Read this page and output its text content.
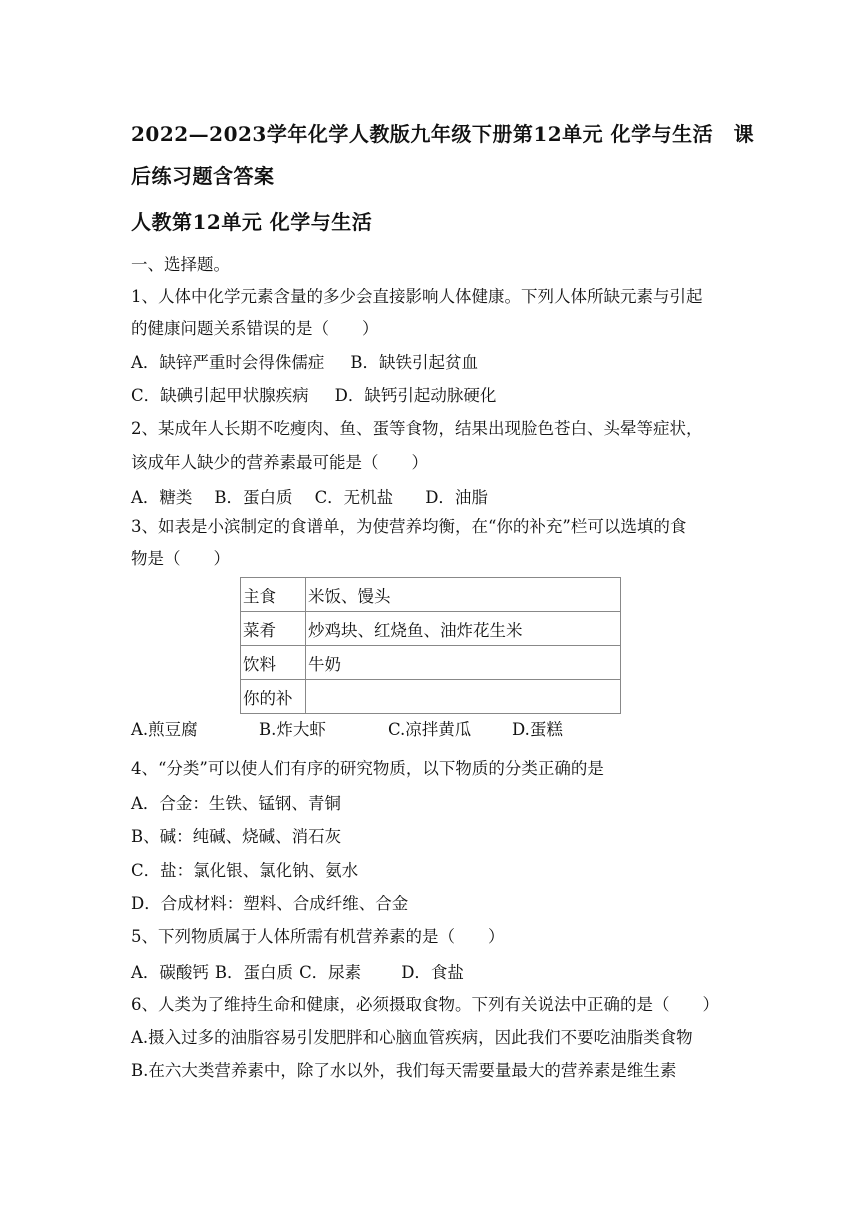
2022—2023学年化学人教版九年级下册第12单元 化学与生活　课
后练习题含答案
人教第12单元 化学与生活
一、选择题。
1、人体中化学元素含量的多少会直接影响人体健康。下列人体所缺元素与引起
的健康问题关系错误的是（　　）
A．缺锌严重时会得侏儒症 B．缺铁引起贫血
C．缺碘引起甲状腺疾病 D．缺钙引起动脉硬化
2、某成年人长期不吃瘦肉、鱼、蛋等食物，结果出现脸色苍白、头晕等症状，
该成年人缺少的营养素最可能是（　　）
A．糖类 B．蛋白质 C．无机盐 D．油脂
3、如表是小滨制定的食谱单，为使营养均衡，在“你的补充”栏可以选填的食
物是（　　）
主食	米饭、馒头
菜肴	炒鸡块、红烧鱼、油炸花生米
饮料	牛奶
你的补	
A.煎豆腐	B.炸大虾	C.凉拌黄瓜 D.蛋糕
4、“分类”可以使人们有序的研究物质，以下物质的分类正确的是
A．合金：生铁、锰钢、青铜
B、碱：纯碱、烧碱、消石灰
C．盐：氯化银、氯化钠、氨水
D．合成材料：塑料、合成纤维、合金
5、下列物质属于人体所需有机营养素的是（　　）
A．碳酸钙 B．蛋白质 C．尿素 D．食盐
6、人类为了维持生命和健康，必须摄取食物。下列有关说法中正确的是（　　）
A.摄入过多的油脂容易引发肥胖和心脑血管疾病，因此我们不要吃油脂类食物
B.在六大类营养素中，除了水以外，我们每天需要量最大的营养素是维生素
